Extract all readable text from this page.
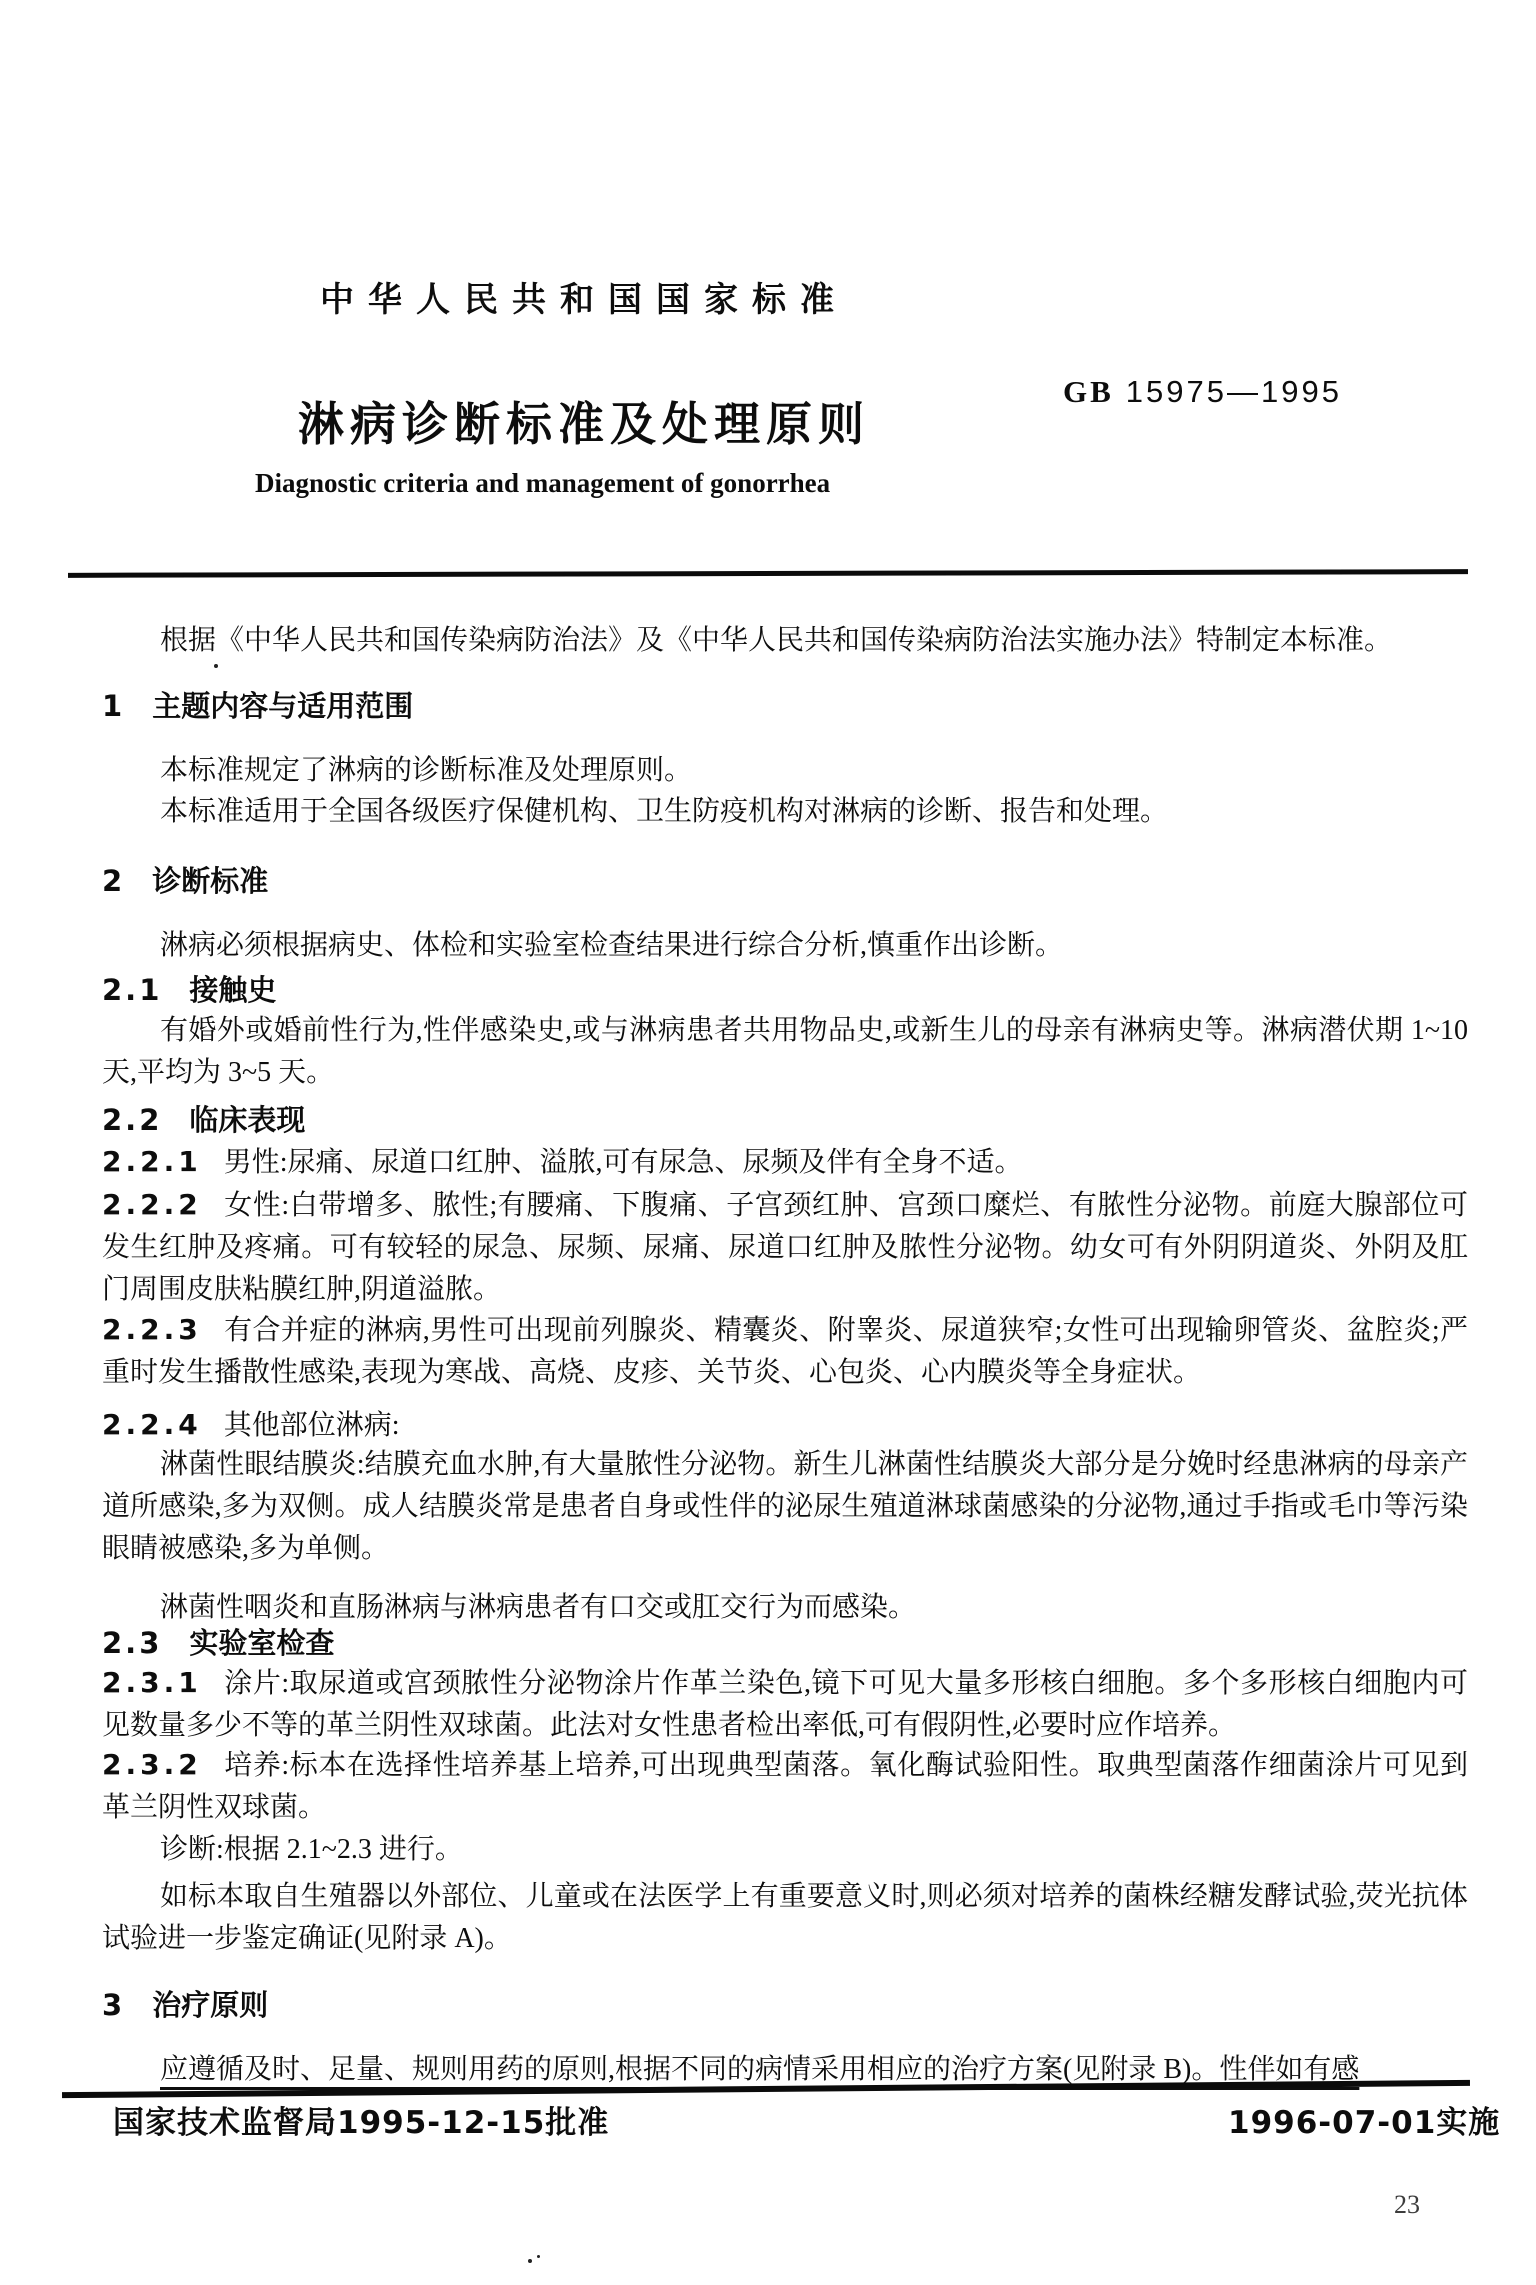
中华人民共和国国家标准
淋病诊断标准及处理原则
GB 15975—1995
Diagnostic criteria and management of gonorrhea
根据《中华人民共和国传染病防治法》及《中华人民共和国传染病防治法实施办法》特制定本标准。
1 主题内容与适用范围
本标准规定了淋病的诊断标准及处理原则。
本标准适用于全国各级医疗保健机构、卫生防疫机构对淋病的诊断、报告和处理。
2 诊断标准
淋病必须根据病史、体检和实验室检查结果进行综合分析,慎重作出诊断。
2.1 接触史
有婚外或婚前性行为,性伴感染史,或与淋病患者共用物品史,或新生儿的母亲有淋病史等。淋病潜伏期 1~10 天,平均为 3~5 天。
2.2 临床表现
2.2.1 男性:尿痛、尿道口红肿、溢脓,可有尿急、尿频及伴有全身不适。
2.2.2 女性:白带增多、脓性;有腰痛、下腹痛、子宫颈红肿、宫颈口糜烂、有脓性分泌物。前庭大腺部位可发生红肿及疼痛。可有较轻的尿急、尿频、尿痛、尿道口红肿及脓性分泌物。幼女可有外阴阴道炎、外阴及肛门周围皮肤粘膜红肿,阴道溢脓。
2.2.3 有合并症的淋病,男性可出现前列腺炎、精囊炎、附睾炎、尿道狭窄;女性可出现输卵管炎、盆腔炎;严 重时发生播散性感染,表现为寒战、高烧、皮疹、关节炎、心包炎、心内膜炎等全身症状。
2.2.4 其他部位淋病:
淋菌性眼结膜炎:结膜充血水肿,有大量脓性分泌物。新生儿淋菌性结膜炎大部分是分娩时经患淋病的母亲产道所感染,多为双侧。成人结膜炎常是患者自身或性伴的泌尿生殖道淋球菌感染的分泌物,通过手指或毛巾等污染眼睛被感染,多为单侧。
淋菌性咽炎和直肠淋病与淋病患者有口交或肛交行为而感染。
2.3 实验室检查
2.3.1 涂片:取尿道或宫颈脓性分泌物涂片作革兰染色,镜下可见大量多形核白细胞。多个多形核白细胞内可见数量多少不等的革兰阴性双球菌。此法对女性患者检出率低,可有假阴性,必要时应作培养。
2.3.2 培养:标本在选择性培养基上培养,可出现典型菌落。氧化酶试验阳性。取典型菌落作细菌涂片可见到革兰阴性双球菌。
诊断:根据 2.1~2.3 进行。
如标本取自生殖器以外部位、儿童或在法医学上有重要意义时,则必须对培养的菌株经糖发酵试验,荧光抗体试验进一步鉴定确证(见附录 A)。
3 治疗原则
应遵循及时、足量、规则用药的原则,根据不同的病情采用相应的治疗方案(见附录 B)。性伴如有感
国家技术监督局1995-12-15批准	1996-07-01实施
23
